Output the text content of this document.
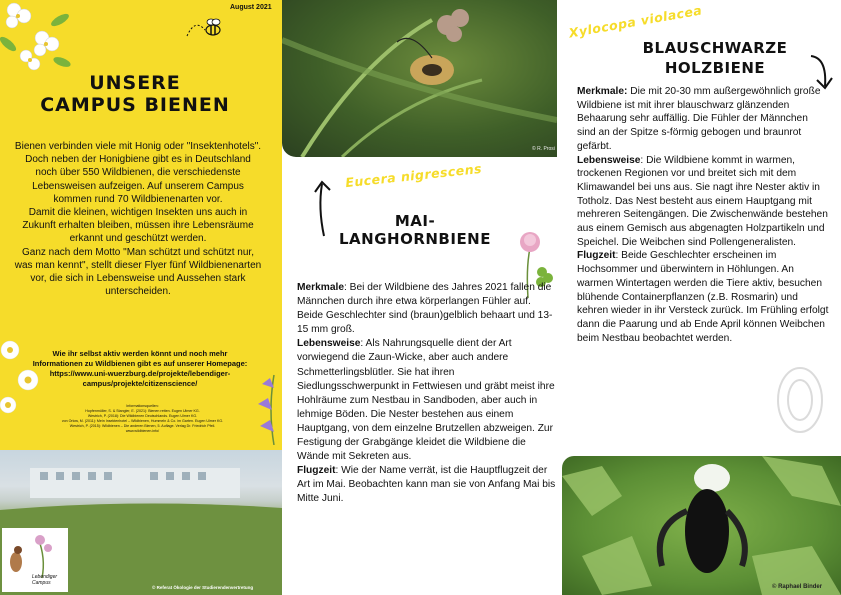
August 2021
UNSERE
CAMPUS BIENEN

Bienen verbinden viele mit Honig oder "Insektenhotels". Doch neben der Honigbiene gibt es in Deutschland noch über 550 Wildbienen, die verschiedenste Lebensweisen aufzeigen. Auf unserem Campus kommen rund 70 Wildbienenarten vor.

Damit die kleinen, wichtigen Insekten uns auch in Zukunft erhalten bleiben, müssen ihre Lebensräume erkannt und geschützt werden.

Ganz nach dem Motto "Man schützt und schützt nur, was man kennt", stellt dieser Flyer fünf Wildbienenarten vor, die sich in Lebensweise und Aussehen stark unterscheiden.

Wie ihr selbst aktiv werden könnt und noch mehr

Informationen zu Wildbienen gibt es auf unserer Homepage:

https://www.uni-wuerzburg.de/projekte/lebendiger-

campus/projekte/citizenscience/

Informationsquellen:

Hopfenmüller, S. & Stangler, E. (2021): Bienen retten. Eugen Ulmer KG.

Westrich, P. (2018): Die Wildbienen Deutschlands. Eugen Ulmer KG.

von Orlow, M. (2011): Mein Insektenhotel – Wildbienen, Hummeln & Co. im Garten. Eugen Ulmer KG.

Westrich, P. (2015): Wildbienen – Die anderen Bienen, 5. Auflage. Verlag Dr. Friedrich Pfeil.

www.wildbienen.info/

Lebendiger
Campus
© Referat Ökologie der Studierendenvertretung
© R. Prosi
Eucera nigrescens
MAI-
LANGHORNBIENE

Merkmale: Bei der Wildbiene des Jahres 2021 fallen die Männchen durch ihre etwa körperlangen Fühler auf. Beide Geschlechter sind (braun)gelblich behaart und 13-15 mm groß.

Lebensweise: Als Nahrungsquelle dient der Art vorwiegend die Zaun-Wicke, aber auch andere Schmetterlingsblütler. Sie hat ihren Siedlungsschwerpunkt in Fettwiesen und gräbt meist ihre Hohlräume zum Nestbau in Sandboden, aber auch in lehmige Böden. Die Nester bestehen aus einem Hauptgang, von dem einzelne Brutzellen abzweigen. Zur Festigung der Grabgänge kleidet die Wildbiene die Wände mit Sekreten aus.

Flugzeit: Wie der Name verrät, ist die Hauptflugzeit der Art im Mai. Beobachten kann man sie von Anfang Mai bis Mitte Juni.

Xylocopa violacea
BLAUSCHWARZE
HOLZBIENE

Merkmale: Die mit 20-30 mm außergewöhnlich große Wildbiene ist mit ihrer blauschwarz glänzenden Behaarung sehr auffällig. Die Fühler der Männchen sind an der Spitze s-förmig gebogen und braunrot gefärbt.

Lebensweise: Die Wildbiene kommt in warmen, trockenen Regionen vor und breitet sich mit dem Klimawandel bei uns aus. Sie nagt ihre Nester aktiv in Totholz. Das Nest besteht aus einem Hauptgang mit mehreren Seitengängen. Die Zwischenwände bestehen aus einem Gemisch aus abgenagten Holzpartikeln und Speichel. Die Weibchen sind Pollengeneralisten.

Flugzeit: Beide Geschlechter erscheinen im Hochsommer und überwintern in Höhlungen. An warmen Wintertagen werden die Tiere aktiv, besuchen blühende Containerpflanzen (z.B. Rosmarin) und kehren wieder in ihr Versteck zurück. Im Frühling erfolgt dann die Paarung und ab Ende April können Weibchen beim Nestbau beobachtet werden.

© Raphael Binder
